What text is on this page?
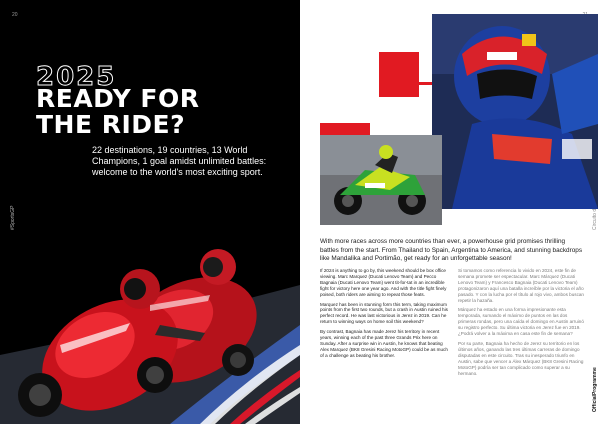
20
#SportsGP
2025
READY FOR
THE RIDE?

22 destinations, 19 countries, 13 World Champions, 1 goal amidst unlimited battles: welcome to the world's most exciting sport.

OfficialProgramme

With more races across more countries than ever, a powerhouse grid promises thrilling battles from the start. From Thailand to Spain, Argentina to America, and stunning backdrops like Mandalika and Portimão, get ready for an unforgettable season!

If 2024 is anything to go by, this weekend should be box office viewing. Marc Marquez (Ducati Lenovo Team) and Pecco Bagnaia (Ducati Lenovo Team) went tit-for-tat in an incredible fight for victory here one year ago. And with the title fight finely poised, both riders are aiming to repeat those feats.

Marquez has been in stunning form this term, taking maximum points from the first two rounds, but a crash in Austin ruined his perfect record. He was last victorious in Jerez in 2019. Can he return to winning ways on home soil this weekend?

By contrast, Bagnaia has made Jerez his territory in recent years, winning each of the past three Grands Prix here on Sunday. After a surprise win in Austin, he knows that beating Alex Marquez (BK8 Gresini Racing MotoGP) could be as much of a challenge as beating his brother.

Si tomamos como referencia lo vivido en 2024, este fin de semana promete ser espectacular. Marc Márquez (Ducati Lenovo Team) y Francesco Bagnaia (Ducati Lenovo Team) protagonizaron aquí una batalla increíble por la victoria el año pasado. Y con la lucha por el título al rojo vivo, ambos buscan repetir la hazaña.

Márquez ha estado en una forma impresionante esta temporada, sumando el máximo de puntos en las dos primeras rondas, pero una caída el domingo en Austin arruinó su registro perfecto. Su última victoria en Jerez fue en 2019. ¿Podrá volver a la máxima en casa este fin de semana?

Por su parte, Bagnaia ha hecho de Jerez su territorio en los últimos años, ganando las tres últimas carreras de domingo disputadas en este circuito. Tras su inesperado triunfo en Austin, sabe que vencer a Álex Márquez (BK8 Gresini Racing MotoGP) podría ser tan complicado como superar a su hermano.
